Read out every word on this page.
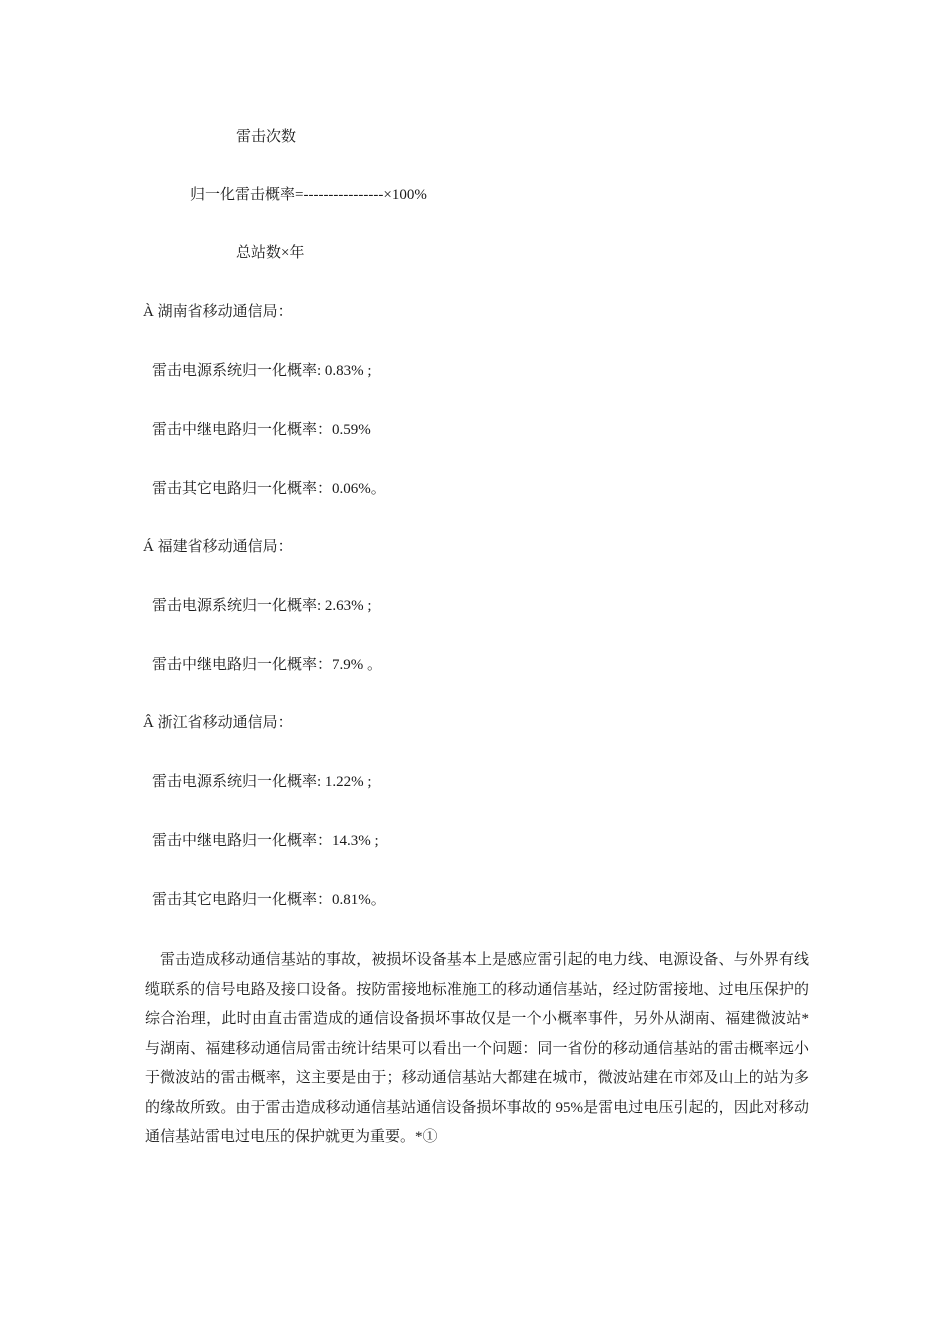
雷击次数
归一化雷击概率=----------------×100%
总站数×年
À 湖南省移动通信局：
雷击电源系统归一化概率: 0.83% ;
雷击中继电路归一化概率：0.59%
雷击其它电路归一化概率：0.06%。
Á 福建省移动通信局：
雷击电源系统归一化概率: 2.63% ;
雷击中继电路归一化概率：7.9% 。
Â 浙江省移动通信局：
雷击电源系统归一化概率: 1.22% ;
雷击中继电路归一化概率：14.3% ;
雷击其它电路归一化概率：0.81%。
雷击造成移动通信基站的事故，被损坏设备基本上是感应雷引起的电力线、电源设备、与外界有线缆联系的信号电路及接口设备。按防雷接地标准施工的移动通信基站，经过防雷接地、过电压保护的综合治理，此时由直击雷造成的通信设备损坏事故仅是一个小概率事件，另外从湖南、福建微波站*与湖南、福建移动通信局雷击统计结果可以看出一个问题：同一省份的移动通信基站的雷击概率远小于微波站的雷击概率，这主要是由于；移动通信基站大都建在城市，微波站建在市郊及山上的站为多的缘故所致。由于雷击造成移动通信基站通信设备损坏事故的 95%是雷电过电压引起的，因此对移动通信基站雷电过电压的保护就更为重要。*①
